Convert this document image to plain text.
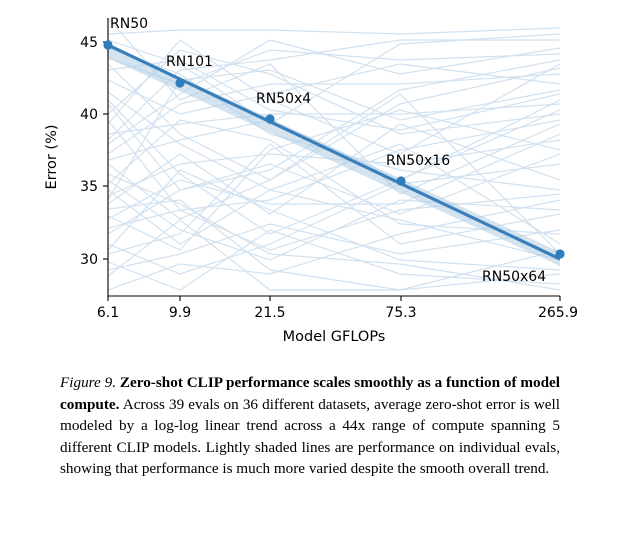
6.1	9.9	21.5	75.3	265.9
30
35
40
45
Model GFLOPs
Error (%)
RN50
RN101
RN50x4
RN50x16
RN50x64
Figure 9. Zero-shot CLIP performance scales smoothly as a function of model compute. Across 39 evals on 36 different datasets, average zero-shot error is well modeled by a log-log linear trend across a 44x range of compute spanning 5 different CLIP models. Lightly shaded lines are performance on individual evals, showing that performance is much more varied despite the smooth overall trend.
